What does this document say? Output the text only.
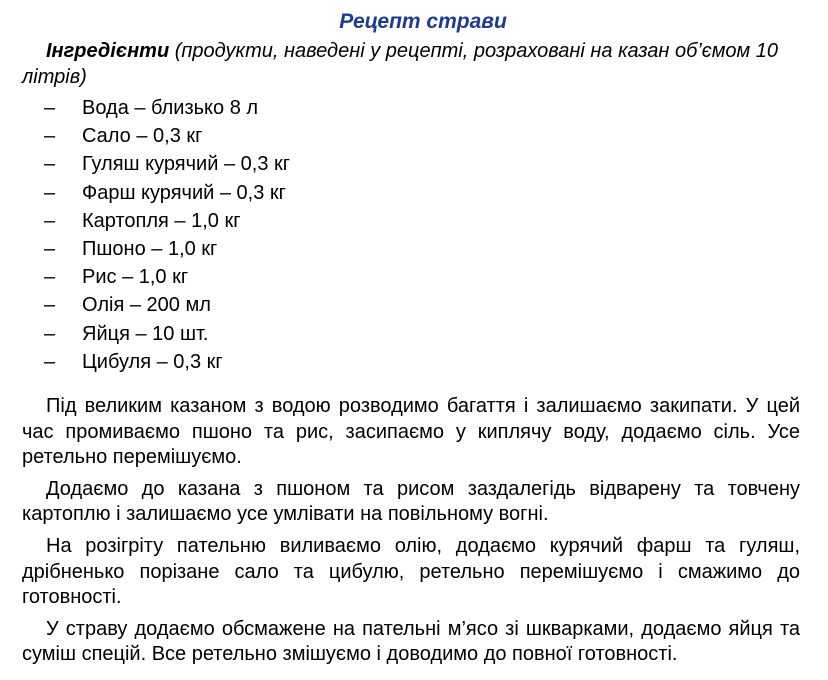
Рецепт страви

Інгредієнти (продукти, наведені у рецепті, розраховані на казан об’ємом 10 літрів)

–	Вода – близько 8 л
–	Сало – 0,3 кг
–	Гуляш курячий – 0,3 кг
–	Фарш курячий – 0,3 кг
–	Картопля – 1,0 кг
–	Пшоно – 1,0 кг
–	Рис – 1,0 кг
–	Олія – 200 мл
–	Яйця – 10 шт.
–	Цибуля – 0,3 кг

Під великим казаном з водою розводимо багаття і залишаємо закипати. У цей час промиваємо пшоно та рис, засипаємо у киплячу воду, додаємо сіль. Усе ретельно перемішуємо.

Додаємо до казана з пшоном та рисом заздалегідь відварену та товчену картоплю і залишаємо усе умлівати на повільному вогні.

На розігріту пательню виливаємо олію, додаємо курячий фарш та гуляш, дрібненько порізане сало та цибулю, ретельно перемішуємо і смажимо до готовності.

У страву додаємо обсмажене на пательні м’ясо зі шкварками, додаємо яйця та суміш спецій. Все ретельно змішуємо і доводимо до повної готовності.
